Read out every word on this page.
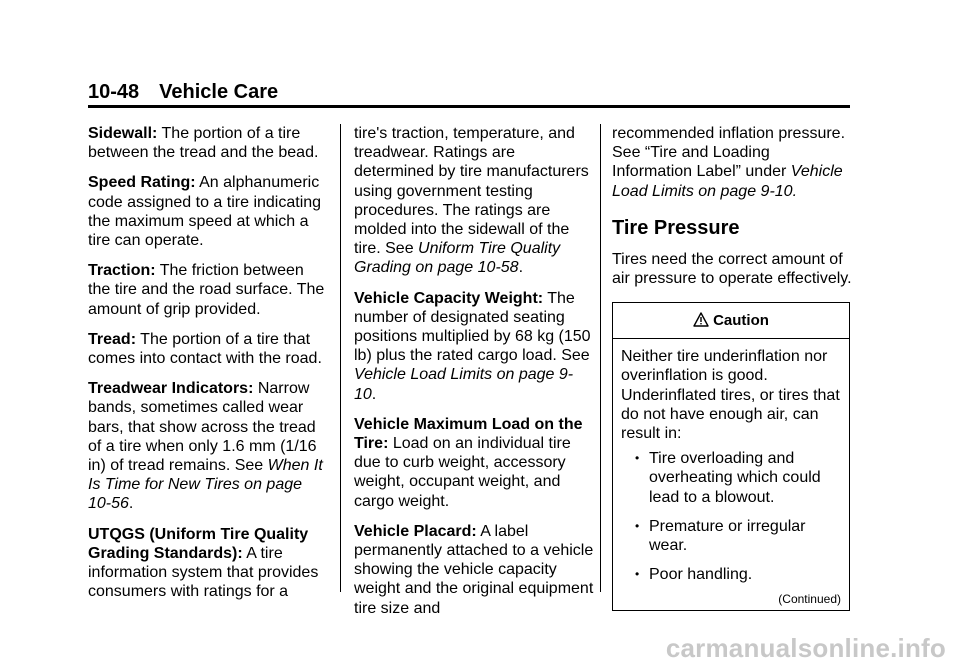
10-48 Vehicle Care

Sidewall: The portion of a tire between the tread and the bead.

Speed Rating: An alphanumeric code assigned to a tire indicating the maximum speed at which a tire can operate.

Traction: The friction between the tire and the road surface. The amount of grip provided.

Tread: The portion of a tire that comes into contact with the road.

Treadwear Indicators: Narrow bands, sometimes called wear bars, that show across the tread of a tire when only 1.6 mm (1/16 in) of tread remains. See When It Is Time for New Tires on page 10-56.

UTQGS (Uniform Tire Quality Grading Standards): A tire information system that provides consumers with ratings for a

tire's traction, temperature, and treadwear. Ratings are determined by tire manufacturers using government testing procedures. The ratings are molded into the sidewall of the tire. See Uniform Tire Quality Grading on page 10-58.

Vehicle Capacity Weight: The number of designated seating positions multiplied by 68 kg (150 lb) plus the rated cargo load. See Vehicle Load Limits on page 9-10.

Vehicle Maximum Load on the Tire: Load on an individual tire due to curb weight, accessory weight, occupant weight, and cargo weight.

Vehicle Placard: A label permanently attached to a vehicle showing the vehicle capacity weight and the original equipment tire size and

recommended inflation pressure. See “Tire and Loading Information Label” under Vehicle Load Limits on page 9-10.

Tire Pressure

Tires need the correct amount of air pressure to operate effectively.

Caution

Neither tire underinflation nor overinflation is good. Underinflated tires, or tires that do not have enough air, can result in:

• Tire overloading and overheating which could lead to a blowout.
• Premature or irregular wear.
• Poor handling.
(Continued)
carmanualsonline.info
